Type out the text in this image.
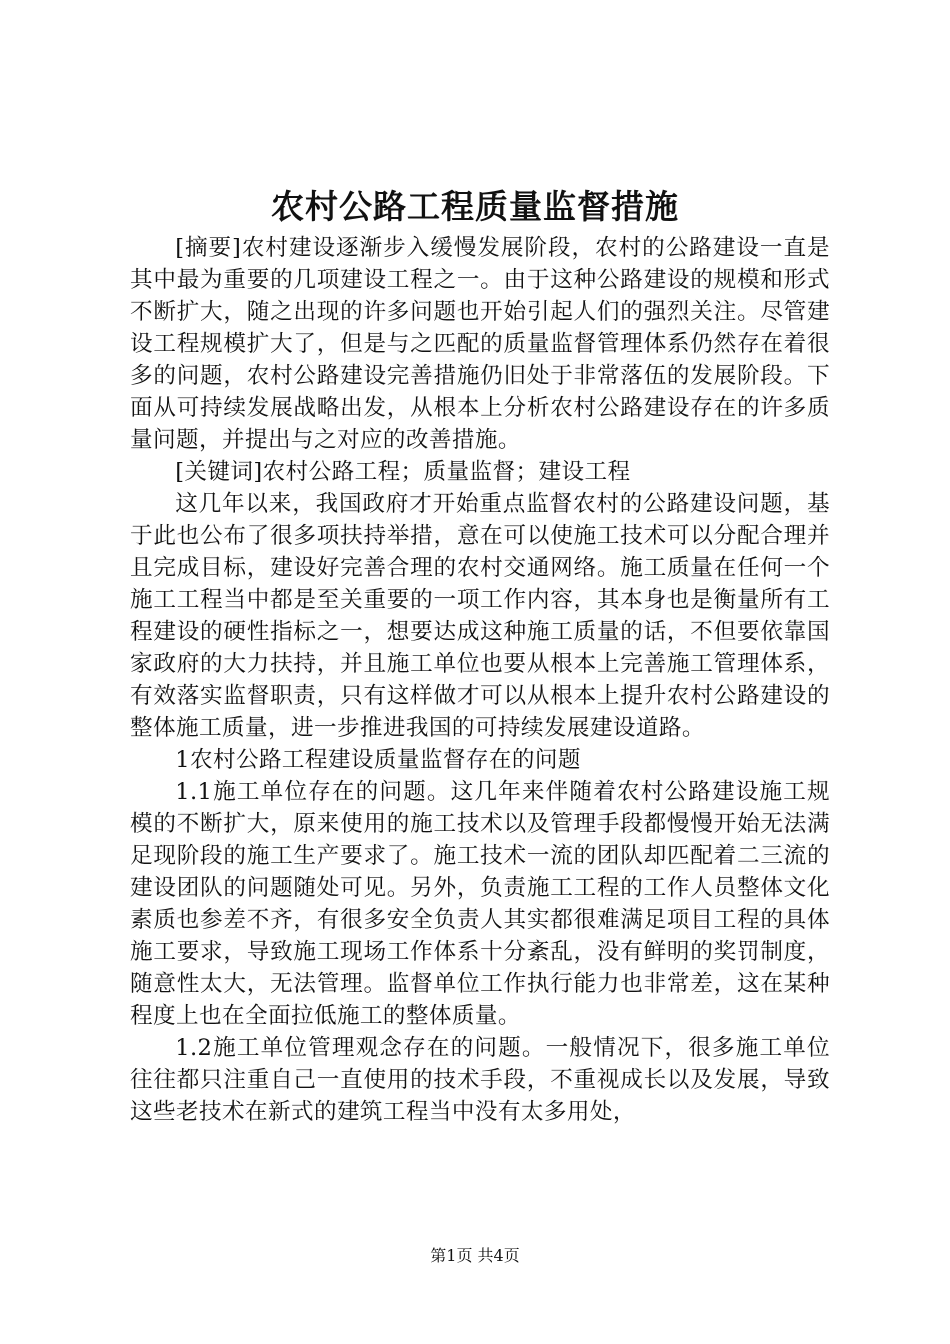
农村公路工程质量监督措施

[摘要]农村建设逐渐步入缓慢发展阶段，农村的公路建设一直是其中最为重要的几项建设工程之一。由于这种公路建设的规模和形式不断扩大，随之出现的许多问题也开始引起人们的强烈关注。尽管建设工程规模扩大了，但是与之匹配的质量监督管理体系仍然存在着很多的问题，农村公路建设完善措施仍旧处于非常落伍的发展阶段。下面从可持续发展战略出发，从根本上分析农村公路建设存在的许多质量问题，并提出与之对应的改善措施。

[关键词]农村公路工程；质量监督；建设工程

这几年以来，我国政府才开始重点监督农村的公路建设问题，基于此也公布了很多项扶持举措，意在可以使施工技术可以分配合理并且完成目标，建设好完善合理的农村交通网络。施工质量在任何一个施工工程当中都是至关重要的一项工作内容，其本身也是衡量所有工程建设的硬性指标之一，想要达成这种施工质量的话，不但要依靠国家政府的大力扶持，并且施工单位也要从根本上完善施工管理体系，有效落实监督职责，只有这样做才可以从根本上提升农村公路建设的整体施工质量，进一步推进我国的可持续发展建设道路。

1农村公路工程建设质量监督存在的问题

1.1施工单位存在的问题。这几年来伴随着农村公路建设施工规模的不断扩大，原来使用的施工技术以及管理手段都慢慢开始无法满足现阶段的施工生产要求了。施工技术一流的团队却匹配着二三流的建设团队的问题随处可见。另外，负责施工工程的工作人员整体文化素质也参差不齐，有很多安全负责人其实都很难满足项目工程的具体施工要求，导致施工现场工作体系十分紊乱，没有鲜明的奖罚制度，随意性太大，无法管理。监督单位工作执行能力也非常差，这在某种程度上也在全面拉低施工的整体质量。

1.2施工单位管理观念存在的问题。一般情况下，很多施工单位往往都只注重自己一直使用的技术手段，不重视成长以及发展，导致这些老技术在新式的建筑工程当中没有太多用处，

第1页 共4页
